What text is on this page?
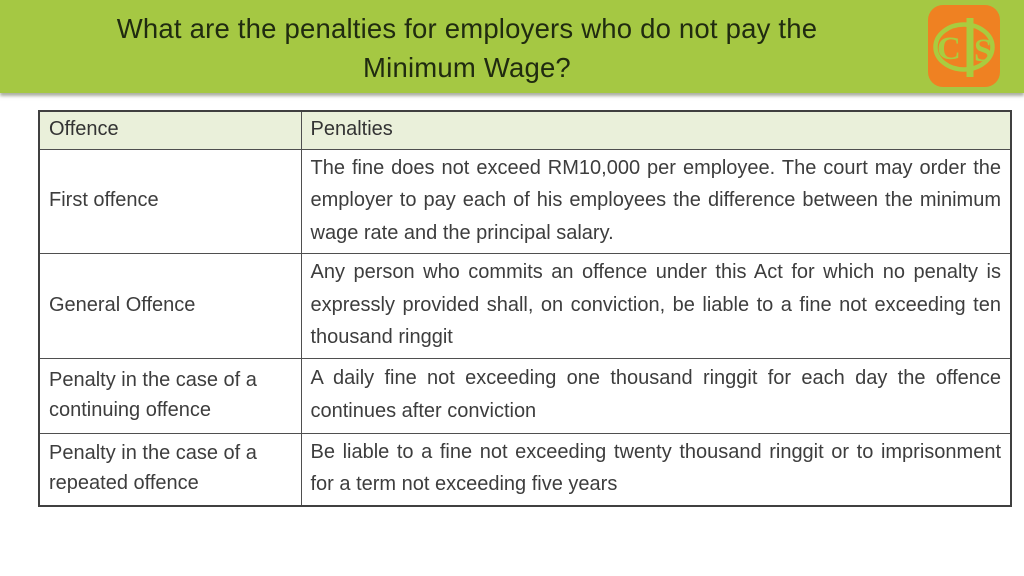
What are the penalties for employers who do not pay the
Minimum Wage?
C S
Offence	Penalties
First offence	The fine does not exceed RM10,000 per employee. The court may order the employer to pay each of his employees the difference between the minimum wage rate and the principal salary.
General Offence	Any person who commits an offence under this Act for which no penalty is expressly provided shall, on conviction, be liable to a fine not exceeding ten thousand ringgit
Penalty in the case of a continuing offence	A daily fine not exceeding one thousand ringgit for each day the offence continues after conviction
Penalty in the case of a repeated offence	Be liable to a fine not exceeding twenty thousand ringgit or to imprisonment for a term not exceeding five years
